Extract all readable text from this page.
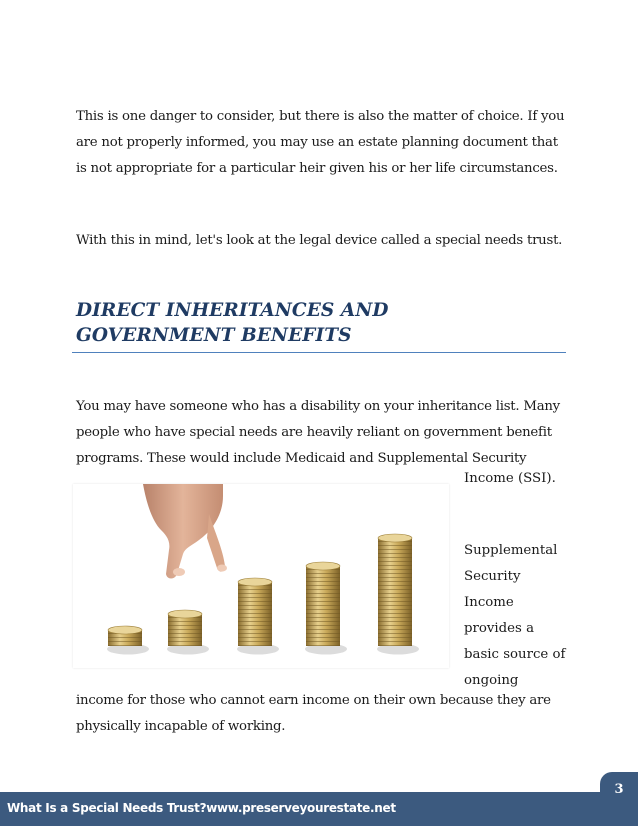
This is one danger to consider, but there is also the matter of choice. If you
are not properly informed, you may use an estate planning document that
is not appropriate for a particular heir given his or her life circumstances.
With this in mind, let's look at the legal device called a special needs trust.
DIRECT INHERITANCES AND
GOVERNMENT BENEFITS
You may have someone who has a disability on your inheritance list. Many
people who have special needs are heavily reliant on government benefit
programs. These would include Medicaid and Supplemental Security
Income (SSI).
Supplemental
Security
Income
provides a
basic source of
ongoing
income for those who cannot earn income on their own because they are
physically incapable of working.
3
What Is a Special Needs Trust?www.preserveyourestate.net
